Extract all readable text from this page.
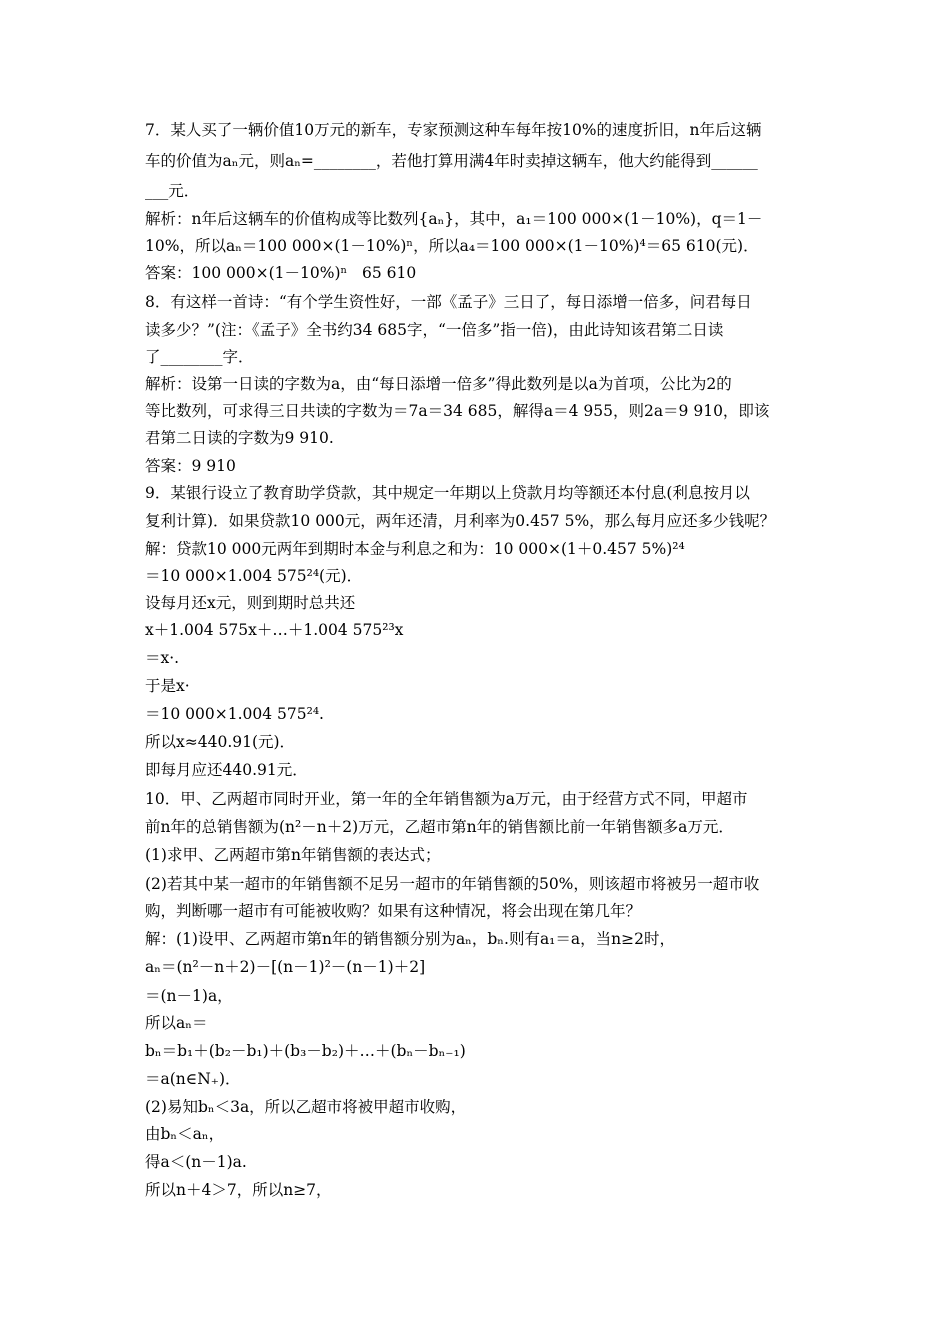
7．某人买了一辆价值10万元的新车，专家预测这种车每年按10%的速度折旧，n年后这辆
车的价值为aₙ元，则aₙ=________，若他打算用满4年时卖掉这辆车，他大约能得到______
___元．
解析：n年后这辆车的价值构成等比数列{aₙ}，其中，a₁＝100 000×(1－10%)，q＝1－
10%，所以aₙ＝100 000×(1－10%)ⁿ，所以a₄＝100 000×(1－10%)⁴＝65 610(元)．
答案：100 000×(1－10%)ⁿ   65 610
8．有这样一首诗：“有个学生资性好，一部《孟子》三日了，每日添增一倍多，问君每日
读多少？”(注：《孟子》全书约34 685字，“一倍多”指一倍)，由此诗知该君第二日读
了________字．
解析：设第一日读的字数为a，由“每日添增一倍多”得此数列是以a为首项，公比为2的
等比数列，可求得三日共读的字数为＝7a＝34 685，解得a＝4 955，则2a＝9 910，即该
君第二日读的字数为9 910.
答案：9 910
9．某银行设立了教育助学贷款，其中规定一年期以上贷款月均等额还本付息(利息按月以
复利计算)．如果贷款10 000元，两年还清，月利率为0.457 5%，那么每月应还多少钱呢？
解：贷款10 000元两年到期时本金与利息之和为：10 000×(1＋0.457 5%)²⁴
＝10 000×1.004 575²⁴(元)．
设每月还x元，则到期时总共还
x＋1.004 575x＋…＋1.004 575²³x
＝x·.
于是x·
＝10 000×1.004 575²⁴.
所以x≈440.91(元)．
即每月应还440.91元．
10．甲、乙两超市同时开业，第一年的全年销售额为a万元，由于经营方式不同，甲超市
前n年的总销售额为(n²－n＋2)万元，乙超市第n年的销售额比前一年销售额多a万元．
(1)求甲、乙两超市第n年销售额的表达式；
(2)若其中某一超市的年销售额不足另一超市的年销售额的50%，则该超市将被另一超市收
购，判断哪一超市有可能被收购？如果有这种情况，将会出现在第几年？
解：(1)设甲、乙两超市第n年的销售额分别为aₙ，bₙ.则有a₁＝a，当n≥2时，
aₙ＝(n²－n＋2)－[(n－1)²－(n－1)＋2]
＝(n－1)a，
所以aₙ＝
bₙ＝b₁＋(b₂－b₁)＋(b₃－b₂)＋…＋(bₙ－bₙ₋₁)
＝a(n∈N₊)．
(2)易知bₙ＜3a，所以乙超市将被甲超市收购，
由bₙ＜aₙ，
得a＜(n－1)a.
所以n＋4＞7，所以n≥7，
